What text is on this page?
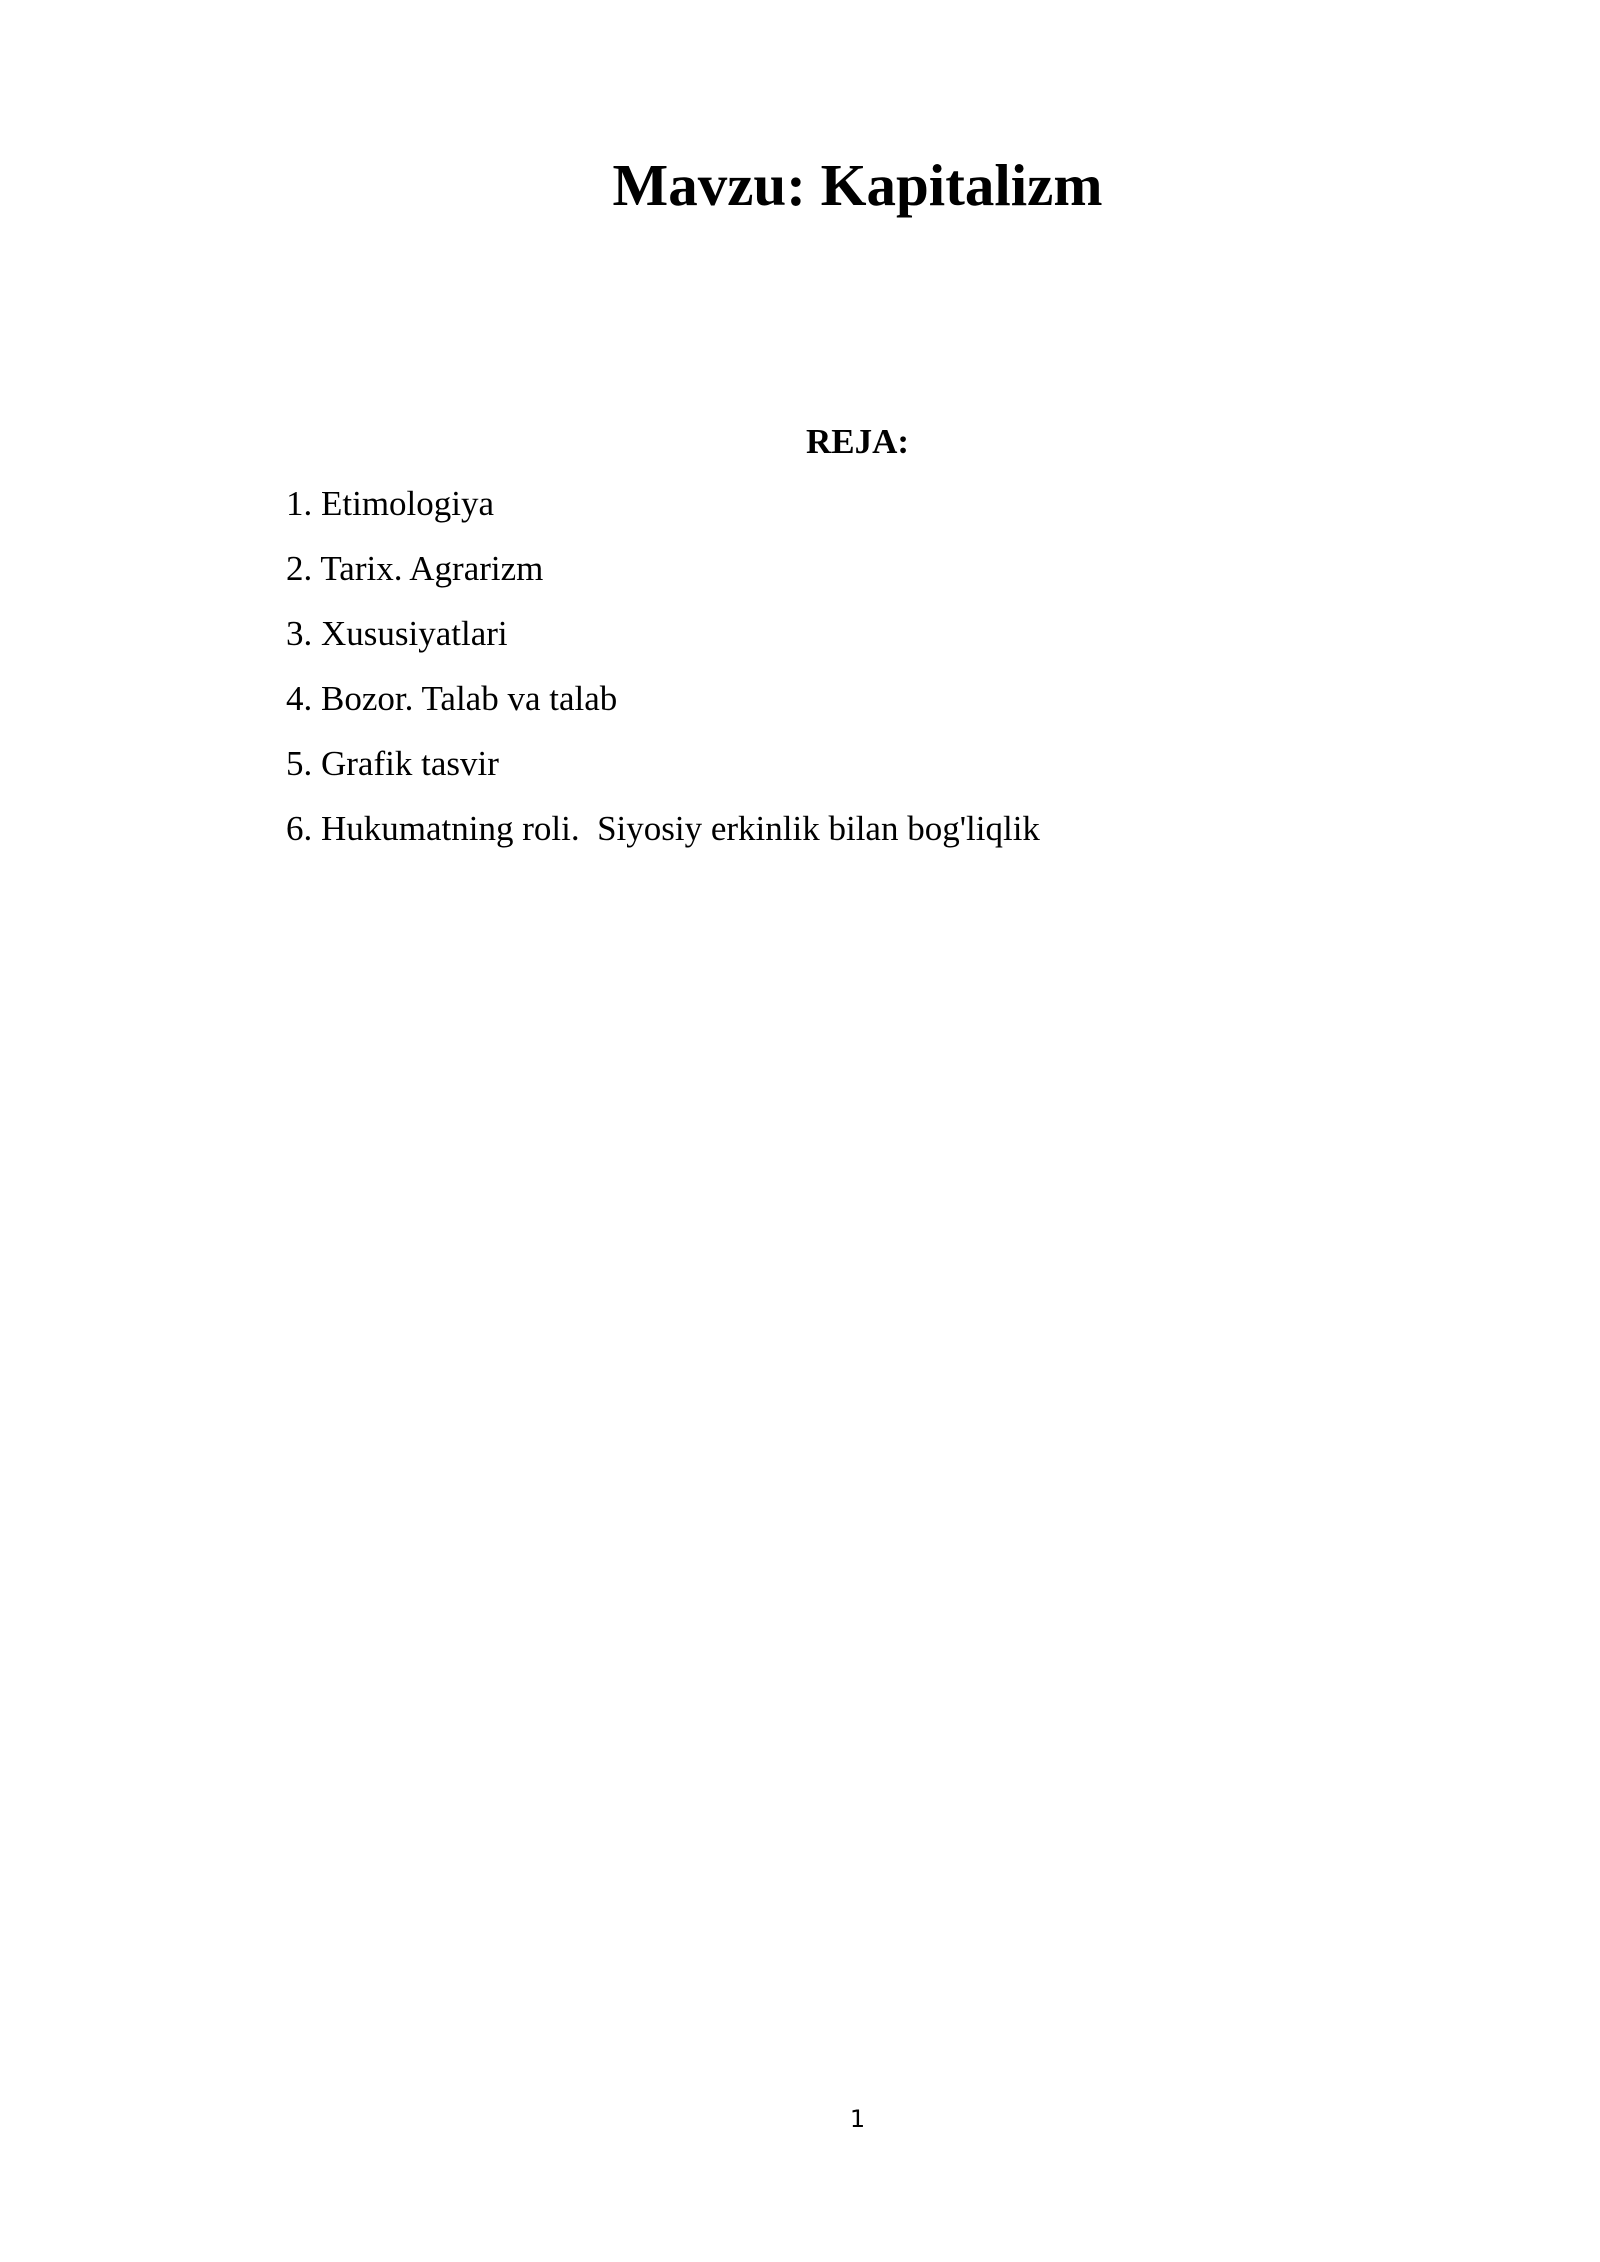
Mavzu: Kapitalizm
REJA:
1. Etimologiya
2. Tarix. Agrarizm
3. Xususiyatlari
4. Bozor. Talab va talab
5. Grafik tasvir
6. Hukumatning roli.  Siyosiy erkinlik bilan bog'liqlik
1
